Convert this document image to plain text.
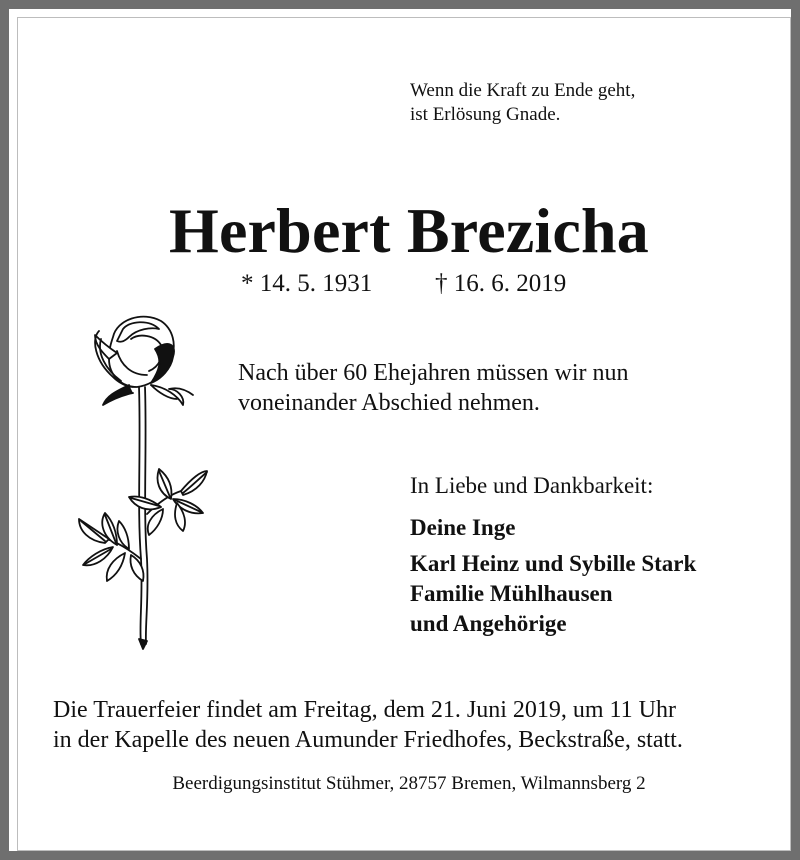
Wenn die Kraft zu Ende geht,
ist Erlösung Gnade.
Herbert Brezicha
* 14. 5. 1931	† 16. 6. 2019
Nach über 60 Ehejahren müssen wir nun
voneinander Abschied nehmen.
In Liebe und Dankbarkeit:
Deine Inge
Karl Heinz und Sybille Stark
Familie Mühlhausen
und Angehörige
Die Trauerfeier findet am Freitag, dem 21. Juni 2019, um 11 Uhr
in der Kapelle des neuen Aumunder Friedhofes, Beckstraße, statt.
Beerdigungsinstitut Stühmer, 28757 Bremen, Wilmannsberg 2
